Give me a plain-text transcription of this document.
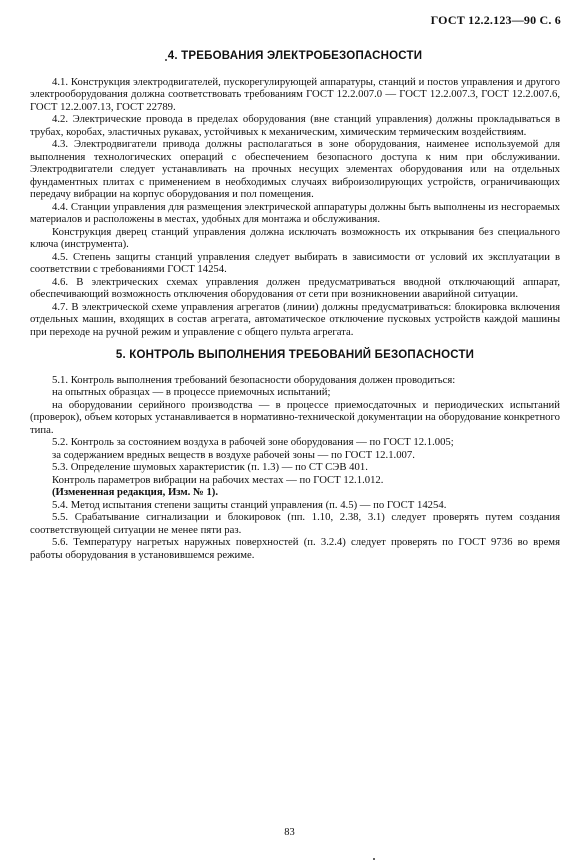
ГОСТ 12.2.123—90 С. 6
4. ТРЕБОВАНИЯ ЭЛЕКТРОБЕЗОПАСНОСТИ

4.1. Конструкция электродвигателей, пускорегулирующей аппаратуры, станций и постов управления и другого электрооборудования должна соответствовать требованиям ГОСТ 12.2.007.0 — ГОСТ 12.2.007.3, ГОСТ 12.2.007.6, ГОСТ 12.2.007.13, ГОСТ 22789.

4.2. Электрические провода в пределах оборудования (вне станций управления) должны прокладываться в трубах, коробах, эластичных рукавах, устойчивых к механическим, химическим термическим воздействиям.

4.3. Электродвигатели привода должны располагаться в зоне оборудования, наименее используемой для выполнения технологических операций с обеспечением безопасного доступа к ним при обслуживании. Электродвигатели следует устанавливать на прочных несущих элементах оборудования или на отдельных фундаментных плитах с применением в необходимых случаях виброизолирующих устройств, ограничивающих передачу вибрации на корпус оборудования и пол помещения.

4.4. Станции управления для размещения электрической аппаратуры должны быть выполнены из несгораемых материалов и расположены в местах, удобных для монтажа и обслуживания.

Конструкция дверец станций управления должна исключать возможность их открывания без специального ключа (инструмента).

4.5. Степень защиты станций управления следует выбирать в зависимости от условий их эксплуатации в соответствии с требованиями ГОСТ 14254.

4.6. В электрических схемах управления должен предусматриваться вводной отключающий аппарат, обеспечивающий возможность отключения оборудования от сети при возникновении аварийной ситуации.

4.7. В электрической схеме управления агрегатов (линии) должны предусматриваться: блокировка включения отдельных машин, входящих в состав агрегата, автоматическое отключение пусковых устройств каждой машины при переходе на ручной режим и управление с общего пульта агрегата.

5. КОНТРОЛЬ ВЫПОЛНЕНИЯ ТРЕБОВАНИЙ БЕЗОПАСНОСТИ

5.1. Контроль выполнения требований безопасности оборудования должен проводиться:

на опытных образцах — в процессе приемочных испытаний;

на оборудовании серийного производства — в процессе приемосдаточных и периодических испытаний (проверок), объем которых устанавливается в нормативно-технической документации на оборудование конкретного типа.

5.2. Контроль за состоянием воздуха в рабочей зоне оборудования — по ГОСТ 12.1.005;

за содержанием вредных веществ в воздухе рабочей зоны — по ГОСТ 12.1.007.

5.3. Определение шумовых характеристик (п. 1.3) — по СТ СЭВ 401.

Контроль параметров вибрации на рабочих местах — по ГОСТ 12.1.012.

(Измененная редакция, Изм. № 1).

5.4. Метод испытания степени защиты станций управления (п. 4.5) — по ГОСТ 14254.

5.5. Срабатывание сигнализации и блокировок (пп. 1.10, 2.38, 3.1) следует проверять путем создания соответствующей ситуации не менее пяти раз.

5.6. Температуру нагретых наружных поверхностей (п. 3.2.4) следует проверять по ГОСТ 9736 во время работы оборудования в установившемся режиме.

83
